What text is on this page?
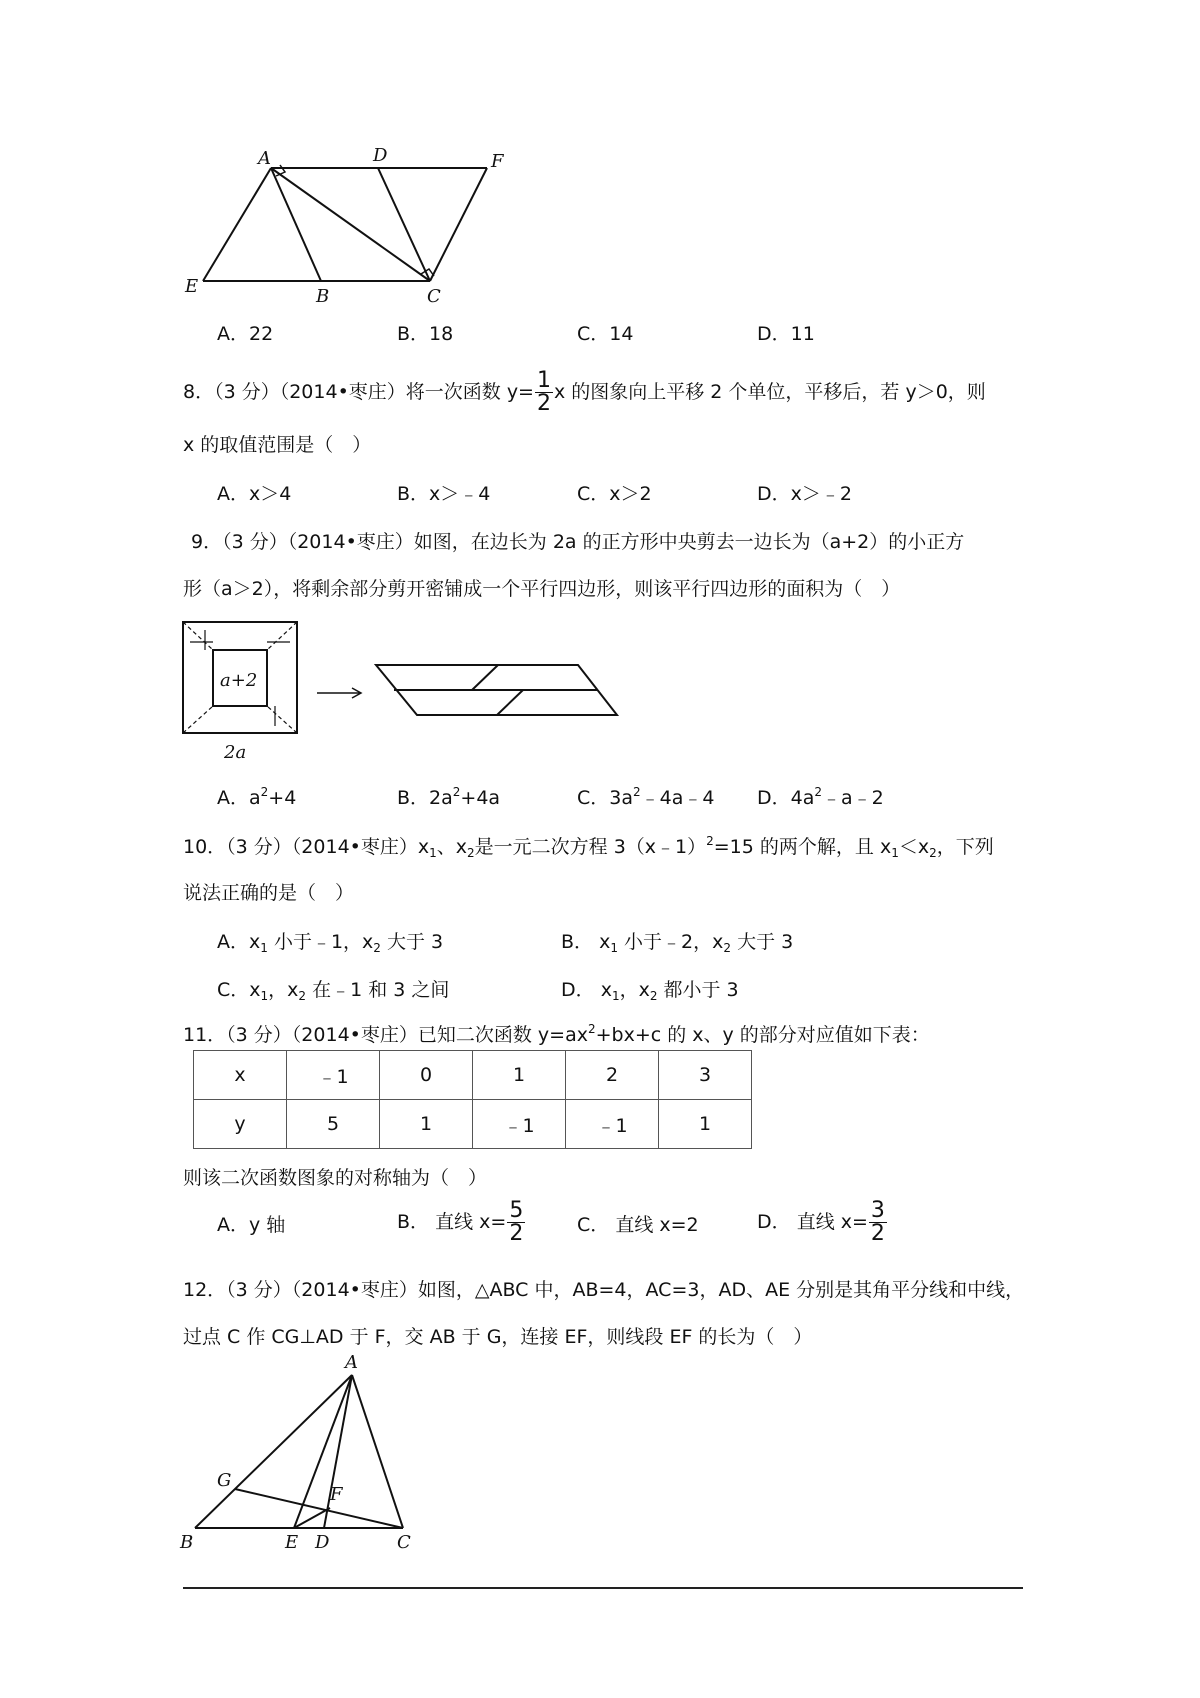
A	D	F
E	B	C
A．22	B．18	C．14	D．11
8．（3 分）（2014•枣庄）将一次函数 $y= \frac{1}{2}$ x 的图象向上平移 2 个单位，平移后，若 y＞0，则
x 的取值范围是（　）
A．x＞4	B．x＞﹣4	C．x＞2	D．x＞﹣2
9．（3 分）（2014•枣庄）如图，在边长为 2a 的正方形中央剪去一边长为（a+2）的小正方
形（a＞2），将剩余部分剪开密铺成一个平行四边形，则该平行四边形的面积为（　）
a+2
2a
A．$a^2+4$	B．$2a^2+4a$	C．$3a^2﹣4a﹣4$ D．$4a^2﹣a﹣2$
10．（3 分）（2014•枣庄）$x_1$、$x_2$是一元二次方程 3（x﹣1）$^2$=15 的两个解，且 $x_1<x_2$，下列
说法正确的是（　）
A．$x_1$ 小于﹣1，$x_2$ 大于 3	B． $x_1$ 小于﹣2，$x_2$ 大于 3
C．$x_1$，$x_2$ 在﹣1 和 3 之间	D． $x_1$，$x_2$ 都小于 3
11．（3 分）（2014•枣庄）已知二次函数 $y=ax^2+bx+c$ 的 x、y 的部分对应值如下表：
x	﹣1	0	1	2	3
y	5	1	﹣1	﹣1	1
则该二次函数图象的对称轴为（　）
A．y 轴	B． 直线 $x= \frac{5}{2}$	C． 直线 x=2	D． 直线 $x= \frac{3}{2}$
12．（3 分）（2014•枣庄）如图，△ABC 中，AB=4，AC=3，AD、AE 分别是其角平分线和中线，
过点 C 作 CG⊥AD 于 F，交 AB 于 G，连接 EF，则线段 EF 的长为（　）
A
G
F
B	E D	C
